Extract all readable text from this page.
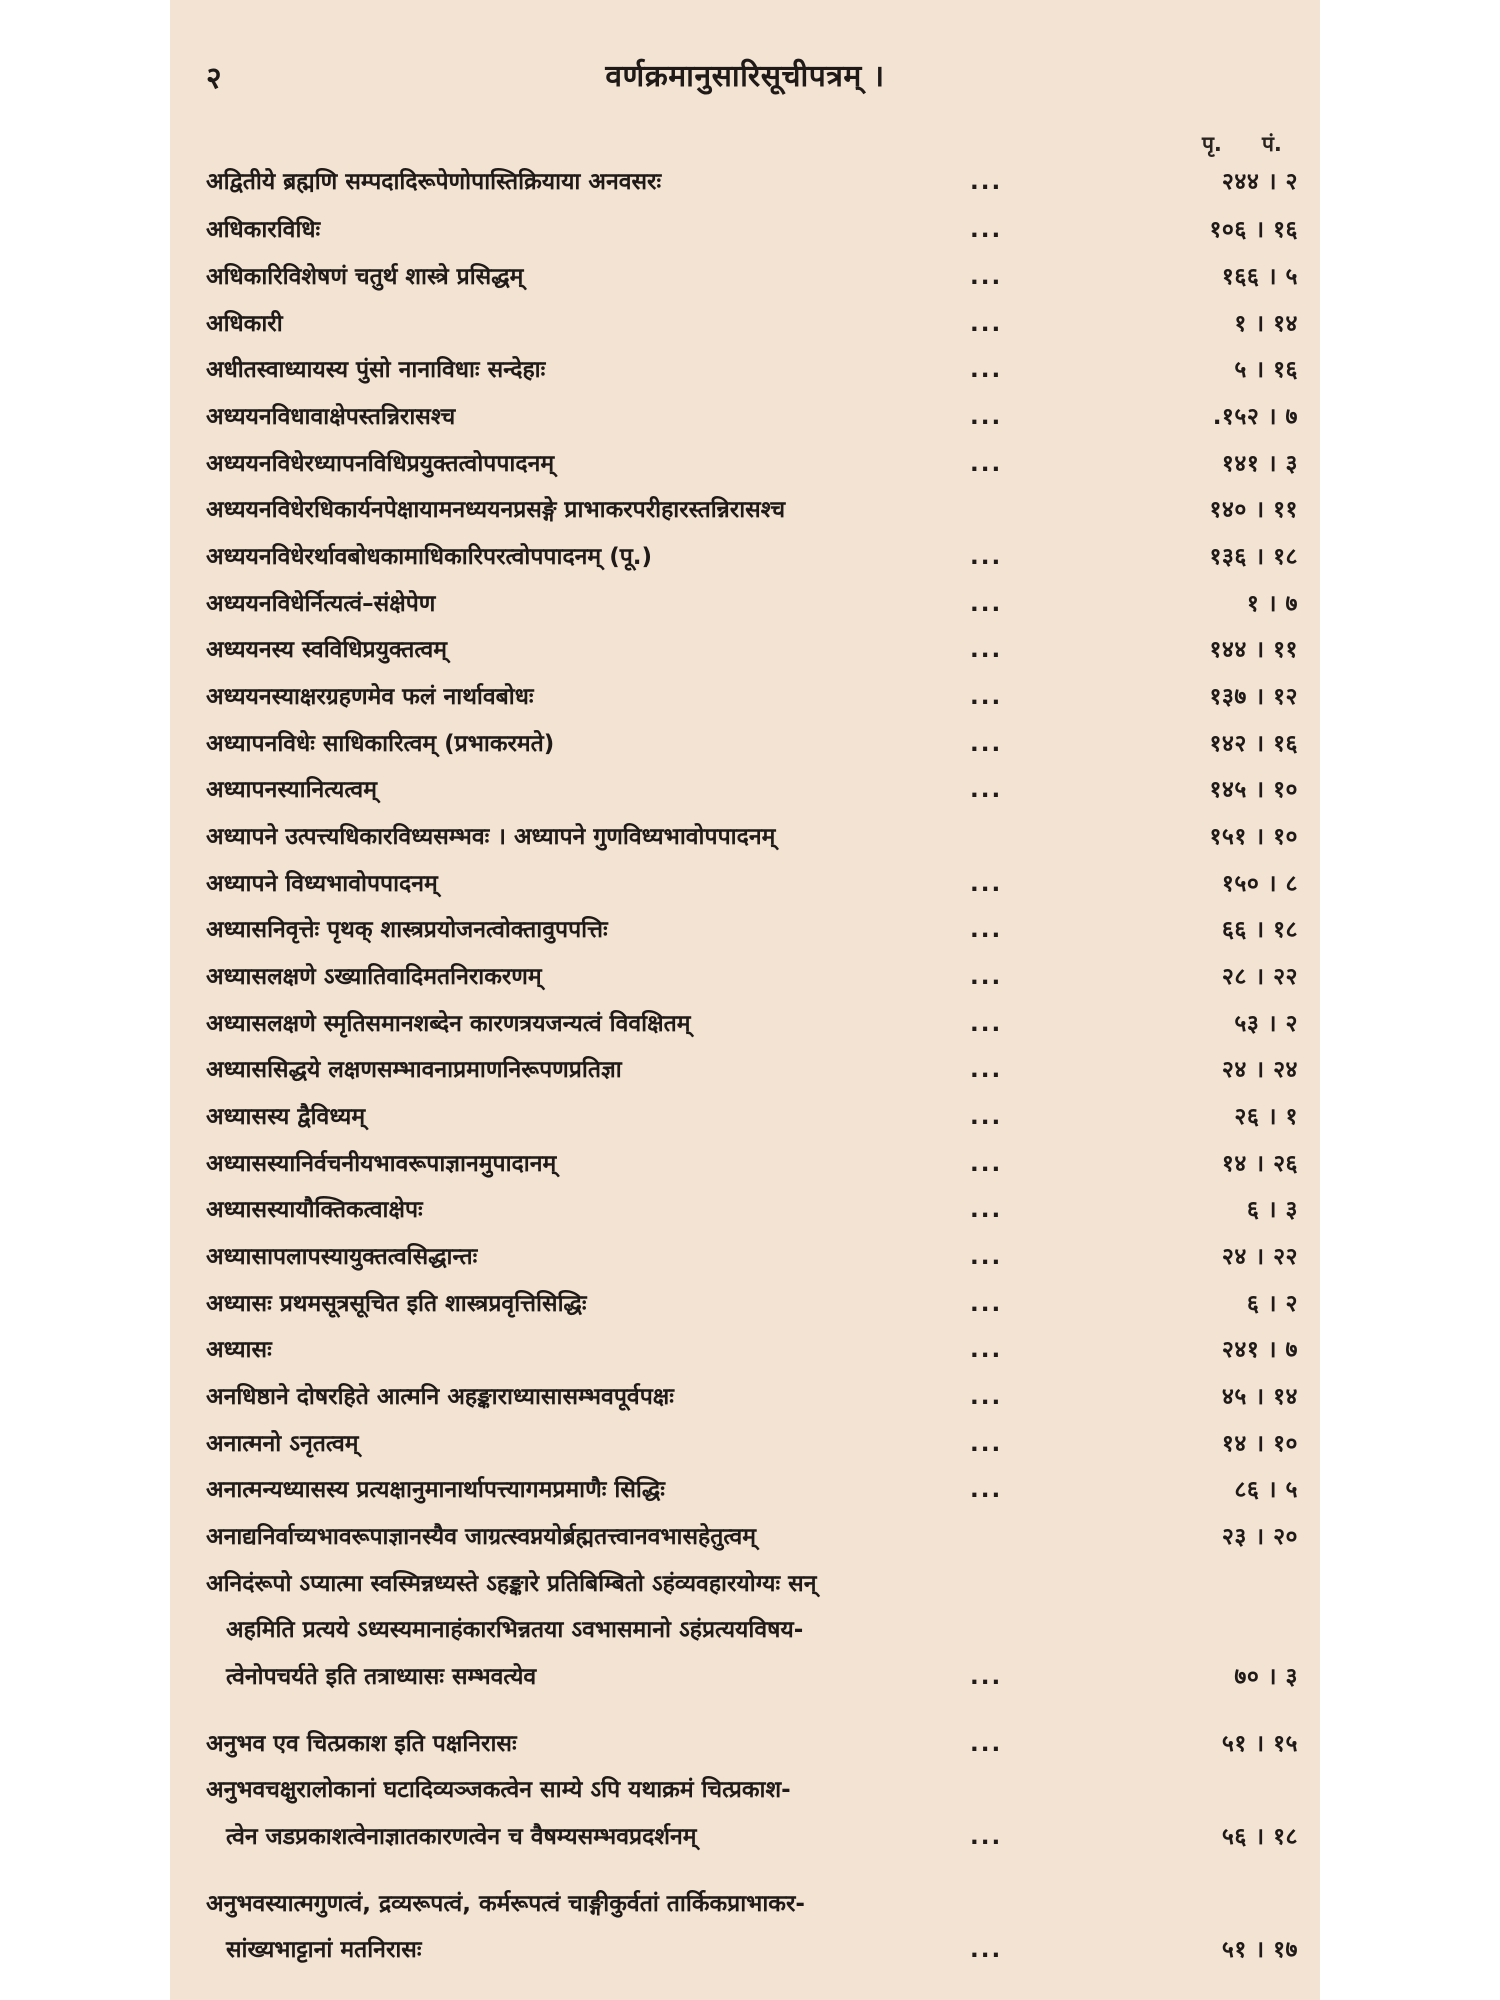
२	वर्णक्रमानुसारिसूचीपत्रम् ।
पृ. पं.
अद्वितीये ब्रह्मणि सम्पदादिरूपेणोपास्तिक्रियाया अनवसरः	...	२४४ । २
अधिकारविधिः	...	१०६ । १६
अधिकारिविशेषणं चतुर्थ शास्त्रे प्रसिद्धम्	...	१६६ । ५
अधिकारी	...	१ । १४
अधीतस्वाध्यायस्य पुंसो नानाविधाः सन्देहाः	...	५ । १६
अध्ययनविधावाक्षेपस्तन्निरासश्च	...	.१५२ । ७
अध्ययनविधेरध्यापनविधिप्रयुक्तत्वोपपादनम्	...	१४१ । ३
अध्ययनविधेरधिकार्यनपेक्षायामनध्ययनप्रसङ्गे प्राभाकरपरीहारस्तन्निरासश्च	१४० । ११
अध्ययनविधेरर्थावबोधकामाधिकारिपरत्वोपपादनम् (पू.)	...	१३६ । १८
अध्ययनविधेर्नित्यत्वं–संक्षेपेण	...	१ । ७
अध्ययनस्य स्वविधिप्रयुक्तत्वम्	...	१४४ । ११
अध्ययनस्याक्षरग्रहणमेव फलं नार्थावबोधः	...	१३७ । १२
अध्यापनविधेः साधिकारित्वम् (प्रभाकरमते)	...	१४२ । १६
अध्यापनस्यानित्यत्वम्	...	१४५ । १०
अध्यापने उत्पत्त्यधिकारविध्यसम्भवः । अध्यापने गुणविध्यभावोपपादनम्	१५१ । १०
अध्यापने विध्यभावोपपादनम्	...	१५० । ८
अध्यासनिवृत्तेः पृथक् शास्त्रप्रयोजनत्वोक्तावुपपत्तिः	...	६६ । १८
अध्यासलक्षणे ऽख्यातिवादिमतनिराकरणम्	...	२८ । २२
अध्यासलक्षणे स्मृतिसमानशब्देन कारणत्रयजन्यत्वं विवक्षितम्	...	५३ । २
अध्याससिद्धये लक्षणसम्भावनाप्रमाणनिरूपणप्रतिज्ञा	...	२४ । २४
अध्यासस्य द्वैविध्यम्	...	२६ । १
अध्यासस्यानिर्वचनीयभावरूपाज्ञानमुपादानम्	...	१४ । २६
अध्यासस्यायौक्तिकत्वाक्षेपः	...	६ । ३
अध्यासापलापस्यायुक्तत्वसिद्धान्तः	...	२४ । २२
अध्यासः प्रथमसूत्रसूचित इति शास्त्रप्रवृत्तिसिद्धिः	...	६ । २
अध्यासः	...	२४१ । ७
अनधिष्ठाने दोषरहिते आत्मनि अहङ्काराध्यासासम्भवपूर्वपक्षः	...	४५ । १४
अनात्मनो ऽनृतत्वम्	...	१४ । १०
अनात्मन्यध्यासस्य प्रत्यक्षानुमानार्थापत्त्यागमप्रमाणैः सिद्धिः	...	८६ । ५
अनाद्यनिर्वाच्यभावरूपाज्ञानस्यैव जाग्रत्स्वप्नयोर्ब्रह्मतत्त्वानवभासहेतुत्वम्	२३ । २०
अनिदंरूपो ऽप्यात्मा स्वस्मिन्नध्यस्ते ऽहङ्कारे प्रतिबिम्बितो ऽहंव्यवहारयोग्यः सन्
अहमिति प्रत्यये ऽध्यस्यमानाहंकारभिन्नतया ऽवभासमानो ऽहंप्रत्ययविषय-
त्वेनोपचर्यते इति तत्राध्यासः सम्भवत्येव	...	७० । ३
अनुभव एव चित्प्रकाश इति पक्षनिरासः	...	५१ । १५
अनुभवचक्षुरालोकानां घटादिव्यञ्जकत्वेन साम्ये ऽपि यथाक्रमं चित्प्रकाश-
त्वेन जडप्रकाशत्वेनाज्ञातकारणत्वेन च वैषम्यसम्भवप्रदर्शनम्	...	५६ । १८
अनुभवस्यात्मगुणत्वं, द्रव्यरूपत्वं, कर्मरूपत्वं चाङ्गीकुर्वतां तार्किकप्राभाकर-
सांख्यभाट्टानां मतनिरासः	...	५१ । १७
